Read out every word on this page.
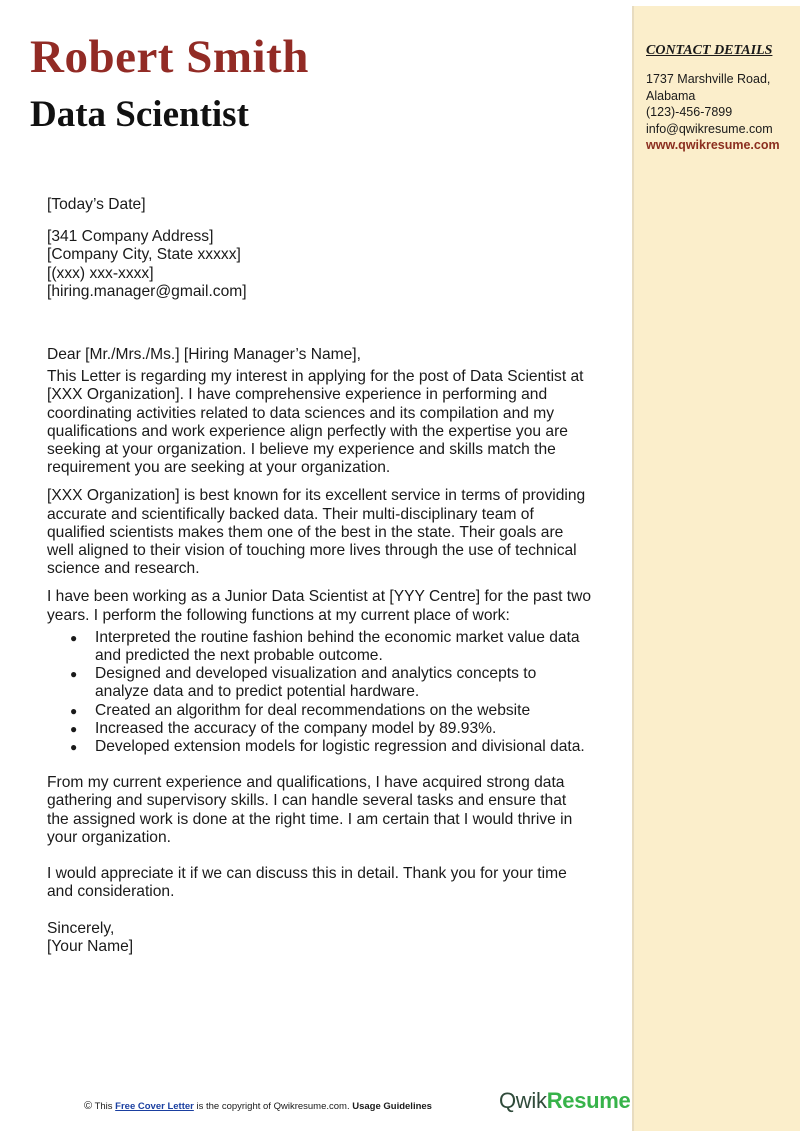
CONTACT DETAILS
1737 Marshville Road,
Alabama
(123)-456-7899
info@qwikresume.com
www.qwikresume.com
Robert Smith
Data Scientist

[Today’s Date]

[341 Company Address]

[Company City, State xxxxx]

[(xxx) xxx-xxxx]

[hiring.manager@gmail.com]

Dear [Mr./Mrs./Ms.] [Hiring Manager’s Name],

This Letter is regarding my interest in applying for the post of Data Scientist at [XXX Organization]. I have comprehensive experience in performing and coordinating activities related to data sciences and its compilation and my qualifications and work experience align perfectly with the expertise you are seeking at your organization. I believe my experience and skills match the requirement you are seeking at your organization.

[XXX Organization] is best known for its excellent service in terms of providing accurate and scientifically backed data. Their multi-disciplinary team of qualified scientists makes them one of the best in the state. Their goals are well aligned to their vision of touching more lives through the use of technical science and research.

I have been working as a Junior Data Scientist at [YYY Centre] for the past two years. I perform the following functions at my current place of work:

● Interpreted the routine fashion behind the economic market value data and predicted the next probable outcome.
● Designed and developed visualization and analytics concepts to analyze data and to predict potential hardware.
● Created an algorithm for deal recommendations on the website
● Increased the accuracy of the company model by 89.93%.
● Developed extension models for logistic regression and divisional data.

From my current experience and qualifications, I have acquired strong data gathering and supervisory skills. I can handle several tasks and ensure that the assigned work is done at the right time. I am certain that I would thrive in your organization.

I would appreciate it if we can discuss this in detail. Thank you for your time and consideration.

Sincerely,

[Your Name]

© This Free Cover Letter is the copyright of Qwikresume.com. Usage Guidelines	QwikResume
